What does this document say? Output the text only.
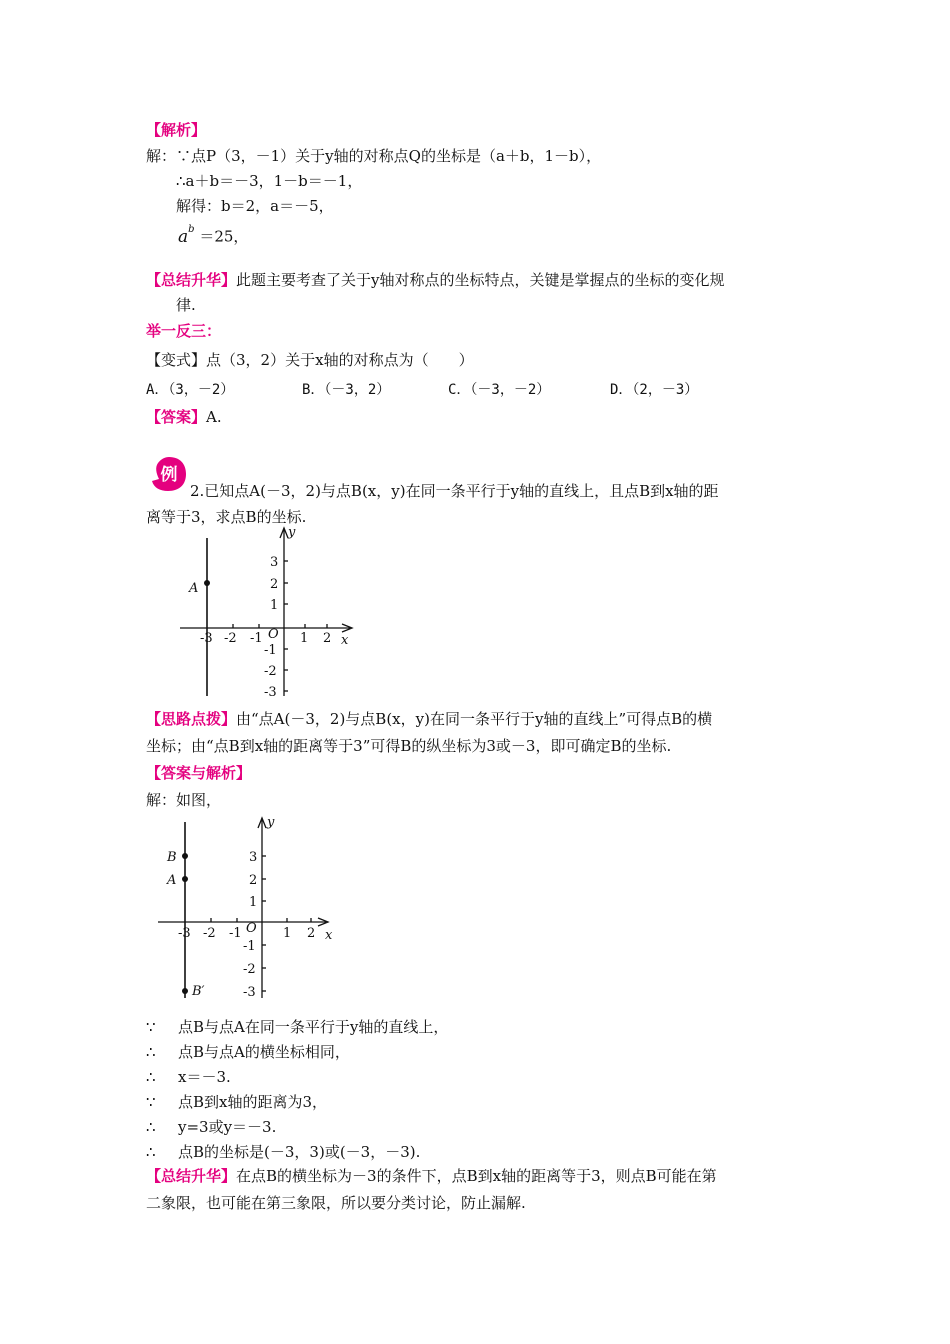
【解析】
解：∵点P（3，－1）关于y轴的对称点Q的坐标是（a＋b，1－b），
∴a＋b＝－3，1－b＝－1，
解得：b＝2，a＝－5，
$a^b =25$，
【总结升华】此题主要考查了关于y轴对称点的坐标特点，关键是掌握点的坐标的变化规
律.
举一反三：
【变式】点（3，2）关于x轴的对称点为（　　）
A．（3，－2）	B．（－3，2）	C．（－3，－2）	D．（2，－3）
【答案】A.
例
2.已知点A(－3，2)与点B(x，y)在同一条平行于y轴的直线上，且点B到x轴的距
离等于3，求点B的坐标.
A
-3 -2 -1	1 2 x
y
O
3
2
1
-1
-2
-3
【思路点拨】由“点A(－3，2)与点B(x，y)在同一条平行于y轴的直线上”可得点B的横
坐标；由“点B到x轴的距离等于3”可得B的纵坐标为3或－3，即可确定B的坐标.
【答案与解析】
解：如图，
B
A
B′
-3 -2 -1	1 2 x
y
O
3
2
1
-1
-2
-3
∵ 点B与点A在同一条平行于y轴的直线上，
∴ 点B与点A的横坐标相同，
∴ x＝－3.
∵ 点B到x轴的距离为3，
∴ y=3或y＝－3.
∴ 点B的坐标是(－3，3)或(－3，－3).
【总结升华】在点B的横坐标为－3的条件下，点B到x轴的距离等于3，则点B可能在第
二象限，也可能在第三象限，所以要分类讨论，防止漏解.
